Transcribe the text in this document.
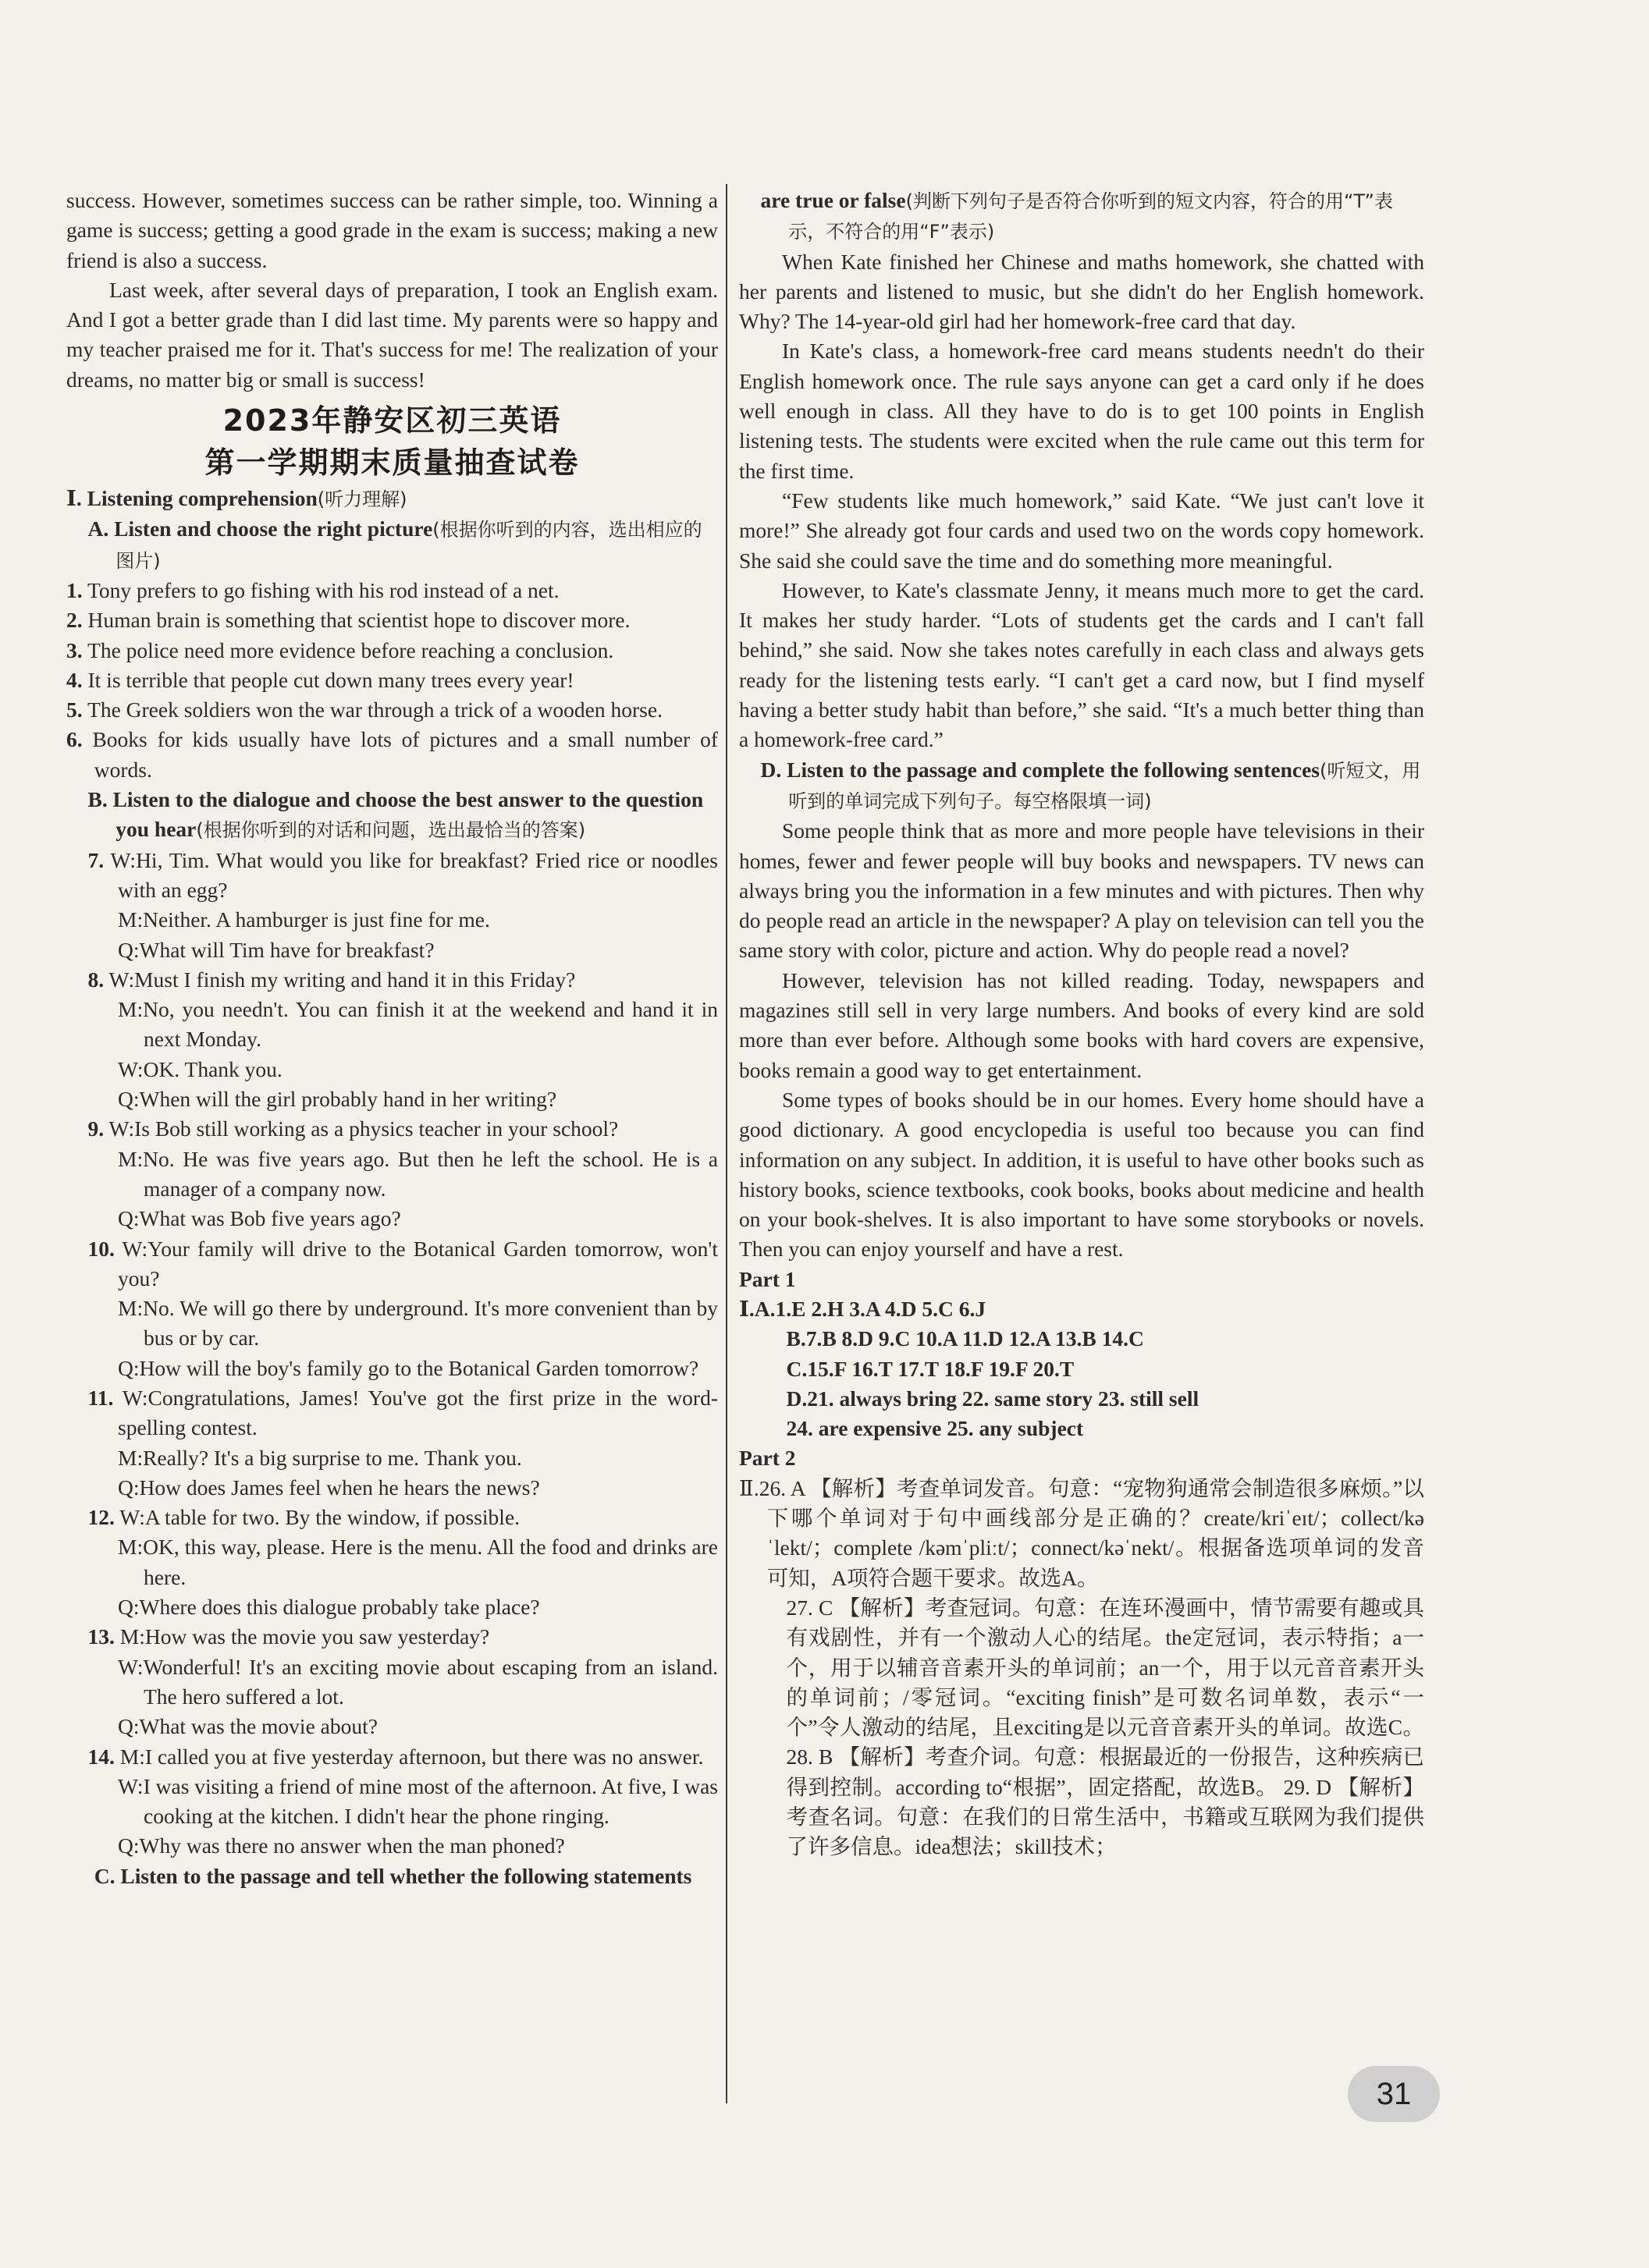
success. However, sometimes success can be rather simple, too. Winning a game is success; getting a good grade in the exam is success; making a new friend is also a success.

Last week, after several days of preparation, I took an English exam. And I got a better grade than I did last time. My parents were so happy and my teacher praised me for it. That's success for me! The realization of your dreams, no matter big or small is success!

2023年静安区初三英语
第一学期期末质量抽查试卷

Ⅰ. Listening comprehension(听力理解)

A. Listen and choose the right picture(根据你听到的内容，选出相应的图片)

1. Tony prefers to go fishing with his rod instead of a net.

2. Human brain is something that scientist hope to discover more.

3. The police need more evidence before reaching a conclusion.

4. It is terrible that people cut down many trees every year!

5. The Greek soldiers won the war through a trick of a wooden horse.

6. Books for kids usually have lots of pictures and a small number of words.

B. Listen to the dialogue and choose the best answer to the question you hear(根据你听到的对话和问题，选出最恰当的答案)

7. W:Hi, Tim. What would you like for breakfast? Fried rice or noodles with an egg?

M:Neither. A hamburger is just fine for me.

Q:What will Tim have for breakfast?

8. W:Must I finish my writing and hand it in this Friday?

M:No, you needn't. You can finish it at the weekend and hand it in next Monday.

W:OK. Thank you.

Q:When will the girl probably hand in her writing?

9. W:Is Bob still working as a physics teacher in your school?

M:No. He was five years ago. But then he left the school. He is a manager of a company now.

Q:What was Bob five years ago?

10. W:Your family will drive to the Botanical Garden tomorrow, won't you?

M:No. We will go there by underground. It's more convenient than by bus or by car.

Q:How will the boy's family go to the Botanical Garden tomorrow?

11. W:Congratulations, James! You've got the first prize in the word-spelling contest.

M:Really? It's a big surprise to me. Thank you.

Q:How does James feel when he hears the news?

12. W:A table for two. By the window, if possible.

M:OK, this way, please. Here is the menu. All the food and drinks are here.

Q:Where does this dialogue probably take place?

13. M:How was the movie you saw yesterday?

W:Wonderful! It's an exciting movie about escaping from an island. The hero suffered a lot.

Q:What was the movie about?

14. M:I called you at five yesterday afternoon, but there was no answer.

W:I was visiting a friend of mine most of the afternoon. At five, I was cooking at the kitchen. I didn't hear the phone ringing.

Q:Why was there no answer when the man phoned?

C. Listen to the passage and tell whether the following statements

are true or false(判断下列句子是否符合你听到的短文内容，符合的用“T”表示，不符合的用“F”表示)

When Kate finished her Chinese and maths homework, she chatted with her parents and listened to music, but she didn't do her English homework. Why? The 14-year-old girl had her homework-free card that day.

In Kate's class, a homework-free card means students needn't do their English homework once. The rule says anyone can get a card only if he does well enough in class. All they have to do is to get 100 points in English listening tests. The students were excited when the rule came out this term for the first time.

“Few students like much homework,” said Kate. “We just can't love it more!” She already got four cards and used two on the words copy homework. She said she could save the time and do something more meaningful.

However, to Kate's classmate Jenny, it means much more to get the card. It makes her study harder. “Lots of students get the cards and I can't fall behind,” she said. Now she takes notes carefully in each class and always gets ready for the listening tests early. “I can't get a card now, but I find myself having a better study habit than before,” she said. “It's a much better thing than a homework-free card.”

D. Listen to the passage and complete the following sentences(听短文，用听到的单词完成下列句子。每空格限填一词)

Some people think that as more and more people have televisions in their homes, fewer and fewer people will buy books and newspapers. TV news can always bring you the information in a few minutes and with pictures. Then why do people read an article in the newspaper? A play on television can tell you the same story with color, picture and action. Why do people read a novel?

However, television has not killed reading. Today, newspapers and magazines still sell in very large numbers. And books of every kind are sold more than ever before. Although some books with hard covers are expensive, books remain a good way to get entertainment.

Some types of books should be in our homes. Every home should have a good dictionary. A good encyclopedia is useful too because you can find information on any subject. In addition, it is useful to have other books such as history books, science textbooks, cook books, books about medicine and health on your book-shelves. It is also important to have some storybooks or novels. Then you can enjoy yourself and have a rest.

Part 1

Ⅰ.A.1.E 2.H 3.A 4.D 5.C 6.J

B.7.B 8.D 9.C 10.A 11.D 12.A 13.B 14.C

C.15.F 16.T 17.T 18.F 19.F 20.T

D.21. always bring 22. same story 23. still sell

24. are expensive 25. any subject

Part 2

Ⅱ.26. A 【解析】考查单词发音。句意：“宠物狗通常会制造很多麻烦。”以下哪个单词对于句中画线部分是正确的？create/kriˈeɪt/；collect/kəˈlekt/；complete /kəmˈpliːt/；connect/kəˈnekt/。根据备选项单词的发音可知，A项符合题干要求。故选A。

27. C 【解析】考查冠词。句意：在连环漫画中，情节需要有趣或具有戏剧性，并有一个激动人心的结尾。the定冠词，表示特指；a一个，用于以辅音音素开头的单词前；an一个，用于以元音音素开头的单词前；/零冠词。“exciting finish”是可数名词单数，表示“一个”令人激动的结尾，且exciting是以元音音素开头的单词。故选C。 28. B 【解析】考查介词。句意：根据最近的一份报告，这种疾病已得到控制。according to“根据”，固定搭配，故选B。 29. D 【解析】考查名词。句意：在我们的日常生活中，书籍或互联网为我们提供了许多信息。idea想法；skill技术；

31
